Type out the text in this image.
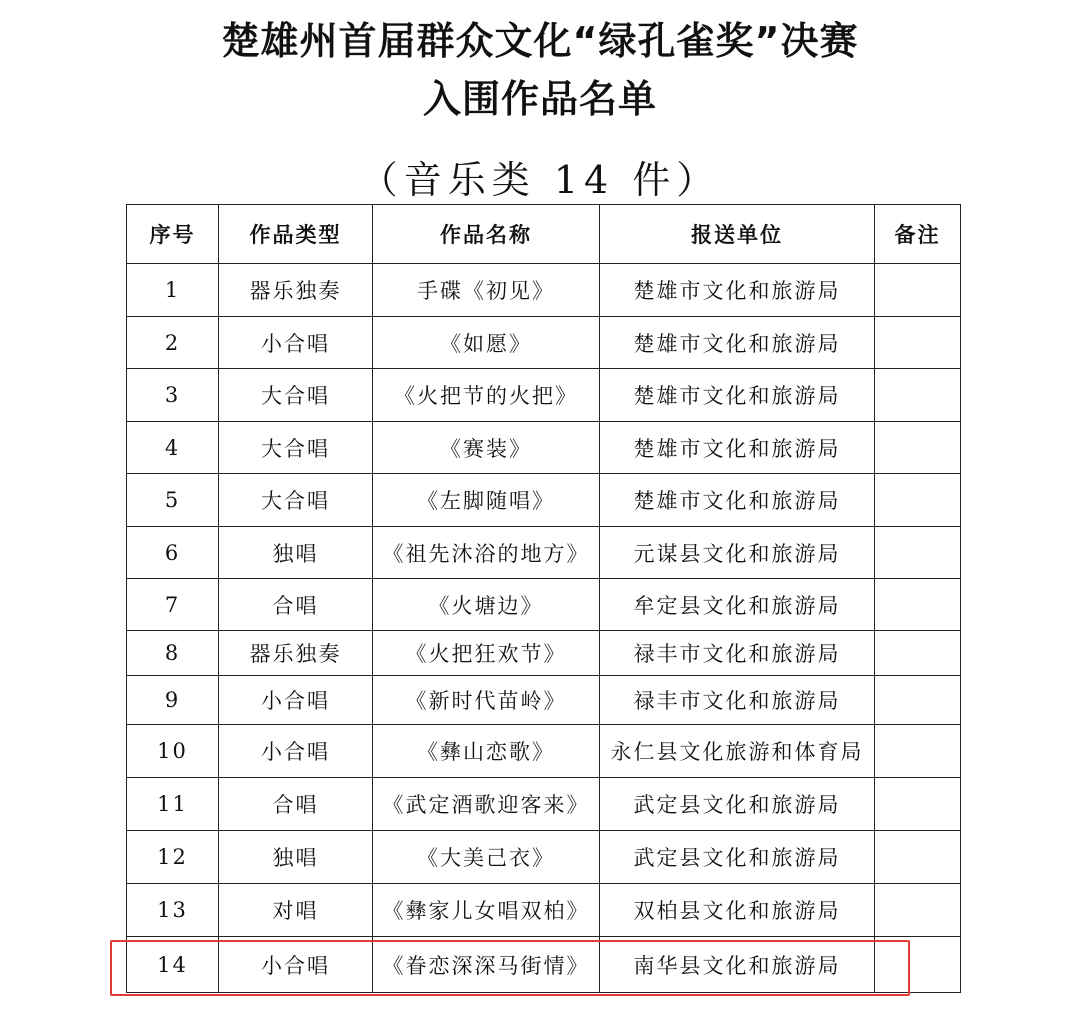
楚雄州首届群众文化“绿孔雀奖”决赛
入围作品名单
（音乐类 14 件）
序号	作品类型	作品名称	报送单位	备注
1	器乐独奏	手碟《初见》	楚雄市文化和旅游局	
2	小合唱	《如愿》	楚雄市文化和旅游局	
3	大合唱	《火把节的火把》	楚雄市文化和旅游局	
4	大合唱	《赛装》	楚雄市文化和旅游局	
5	大合唱	《左脚随唱》	楚雄市文化和旅游局	
6	独唱	《祖先沐浴的地方》	元谋县文化和旅游局	
7	合唱	《火塘边》	牟定县文化和旅游局	
8	器乐独奏	《火把狂欢节》	禄丰市文化和旅游局	
9	小合唱	《新时代苗岭》	禄丰市文化和旅游局	
10	小合唱	《彝山恋歌》	永仁县文化旅游和体育局	
11	合唱	《武定酒歌迎客来》	武定县文化和旅游局	
12	独唱	《大美己衣》	武定县文化和旅游局	
13	对唱	《彝家儿女唱双柏》	双柏县文化和旅游局	
14	小合唱	《眷恋深深马街情》	南华县文化和旅游局	
